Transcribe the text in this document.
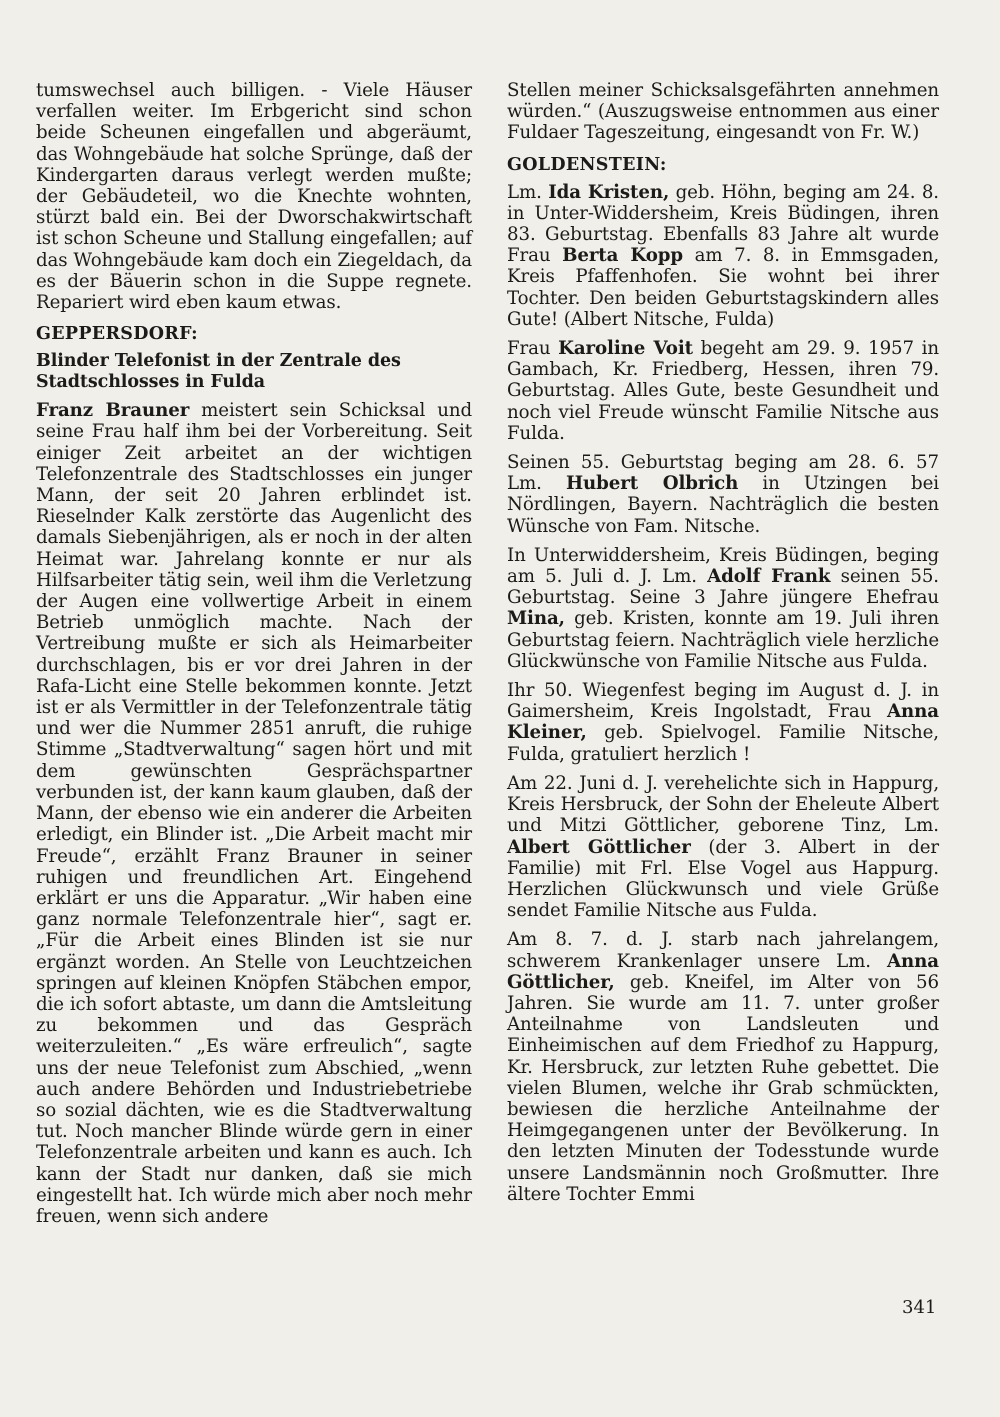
tumswechsel auch billigen. - Viele Häuser verfallen weiter. Im Erbgericht sind schon beide Scheunen eingefallen und abgeräumt, das Wohngebäude hat solche Sprünge, daß der Kindergarten daraus verlegt werden mußte; der Gebäudeteil, wo die Knechte wohnten, stürzt bald ein. Bei der Dworschakwirtschaft ist schon Scheune und Stallung eingefallen; auf das Wohngebäude kam doch ein Ziegeldach, da es der Bäuerin schon in die Suppe regnete. Repariert wird eben kaum etwas.

GEPPERSDORF:
Blinder Telefonist in der Zentrale des Stadtschlosses in Fulda

Franz Brauner meistert sein Schicksal und seine Frau half ihm bei der Vorbereitung. Seit einiger Zeit arbeitet an der wichtigen Telefonzentrale des Stadtschlosses ein junger Mann, der seit 20 Jahren erblindet ist. Rieselnder Kalk zerstörte das Augenlicht des damals Siebenjährigen, als er noch in der alten Heimat war. Jahrelang konnte er nur als Hilfsarbeiter tätig sein, weil ihm die Verletzung der Augen eine vollwertige Arbeit in einem Betrieb unmöglich machte. Nach der Vertreibung mußte er sich als Heimarbeiter durchschlagen, bis er vor drei Jahren in der Rafa-Licht eine Stelle bekommen konnte. Jetzt ist er als Vermittler in der Telefonzentrale tätig und wer die Nummer 2851 anruft, die ruhige Stimme „Stadtverwaltung“ sagen hört und mit dem gewünschten Gesprächspartner verbunden ist, der kann kaum glauben, daß der Mann, der ebenso wie ein anderer die Arbeiten erledigt, ein Blinder ist. „Die Arbeit macht mir Freude“, erzählt Franz Brauner in seiner ruhigen und freundlichen Art. Eingehend erklärt er uns die Apparatur. „Wir haben eine ganz normale Telefonzentrale hier“, sagt er. „Für die Arbeit eines Blinden ist sie nur ergänzt worden. An Stelle von Leuchtzeichen springen auf kleinen Knöpfen Stäbchen empor, die ich sofort abtaste, um dann die Amtsleitung zu bekommen und das Gespräch weiterzuleiten.“ „Es wäre erfreulich“, sagte uns der neue Telefonist zum Abschied, „wenn auch andere Behörden und Industriebetriebe so sozial dächten, wie es die Stadtverwaltung tut. Noch mancher Blinde würde gern in einer Telefonzentrale arbeiten und kann es auch. Ich kann der Stadt nur danken, daß sie mich eingestellt hat. Ich würde mich aber noch mehr freuen, wenn sich andere

Stellen meiner Schicksalsgefährten annehmen würden.“ (Auszugsweise entnommen aus einer Fuldaer Tageszeitung, eingesandt von Fr. W.)

GOLDENSTEIN:

Lm. Ida Kristen, geb. Höhn, beging am 24. 8. in Unter-Widdersheim, Kreis Büdingen, ihren 83. Geburtstag. Ebenfalls 83 Jahre alt wurde Frau Berta Kopp am 7. 8. in Emmsgaden, Kreis Pfaffenhofen. Sie wohnt bei ihrer Tochter. Den beiden Geburtstagskindern alles Gute! (Albert Nitsche, Fulda)

Frau Karoline Voit begeht am 29. 9. 1957 in Gambach, Kr. Friedberg, Hessen, ihren 79. Geburtstag. Alles Gute, beste Gesundheit und noch viel Freude wünscht Familie Nitsche aus Fulda.

Seinen 55. Geburtstag beging am 28. 6. 57 Lm. Hubert Olbrich in Utzingen bei Nördlingen, Bayern. Nachträglich die besten Wünsche von Fam. Nitsche.

In Unterwiddersheim, Kreis Büdingen, beging am 5. Juli d. J. Lm. Adolf Frank seinen 55. Geburtstag. Seine 3 Jahre jüngere Ehefrau Mina, geb. Kristen, konnte am 19. Juli ihren Geburtstag feiern. Nachträglich viele herzliche Glückwünsche von Familie Nitsche aus Fulda.

Ihr 50. Wiegenfest beging im August d. J. in Gaimersheim, Kreis Ingolstadt, Frau Anna Kleiner, geb. Spielvogel. Familie Nitsche, Fulda, gratuliert herzlich !

Am 22. Juni d. J. verehelichte sich in Happurg, Kreis Hersbruck, der Sohn der Eheleute Albert und Mitzi Göttlicher, geborene Tinz, Lm. Albert Göttlicher (der 3. Albert in der Familie) mit Frl. Else Vogel aus Happurg. Herzlichen Glückwunsch und viele Grüße sendet Familie Nitsche aus Fulda.

Am 8. 7. d. J. starb nach jahrelangem, schwerem Krankenlager unsere Lm. Anna Göttlicher, geb. Kneifel, im Alter von 56 Jahren. Sie wurde am 11. 7. unter großer Anteilnahme von Landsleuten und Einheimischen auf dem Friedhof zu Happurg, Kr. Hersbruck, zur letzten Ruhe gebettet. Die vielen Blumen, welche ihr Grab schmückten, bewiesen die herzliche Anteilnahme der Heimgegangenen unter der Bevölkerung. In den letzten Minuten der Todesstunde wurde unsere Landsmännin noch Großmutter. Ihre ältere Tochter Emmi

341
